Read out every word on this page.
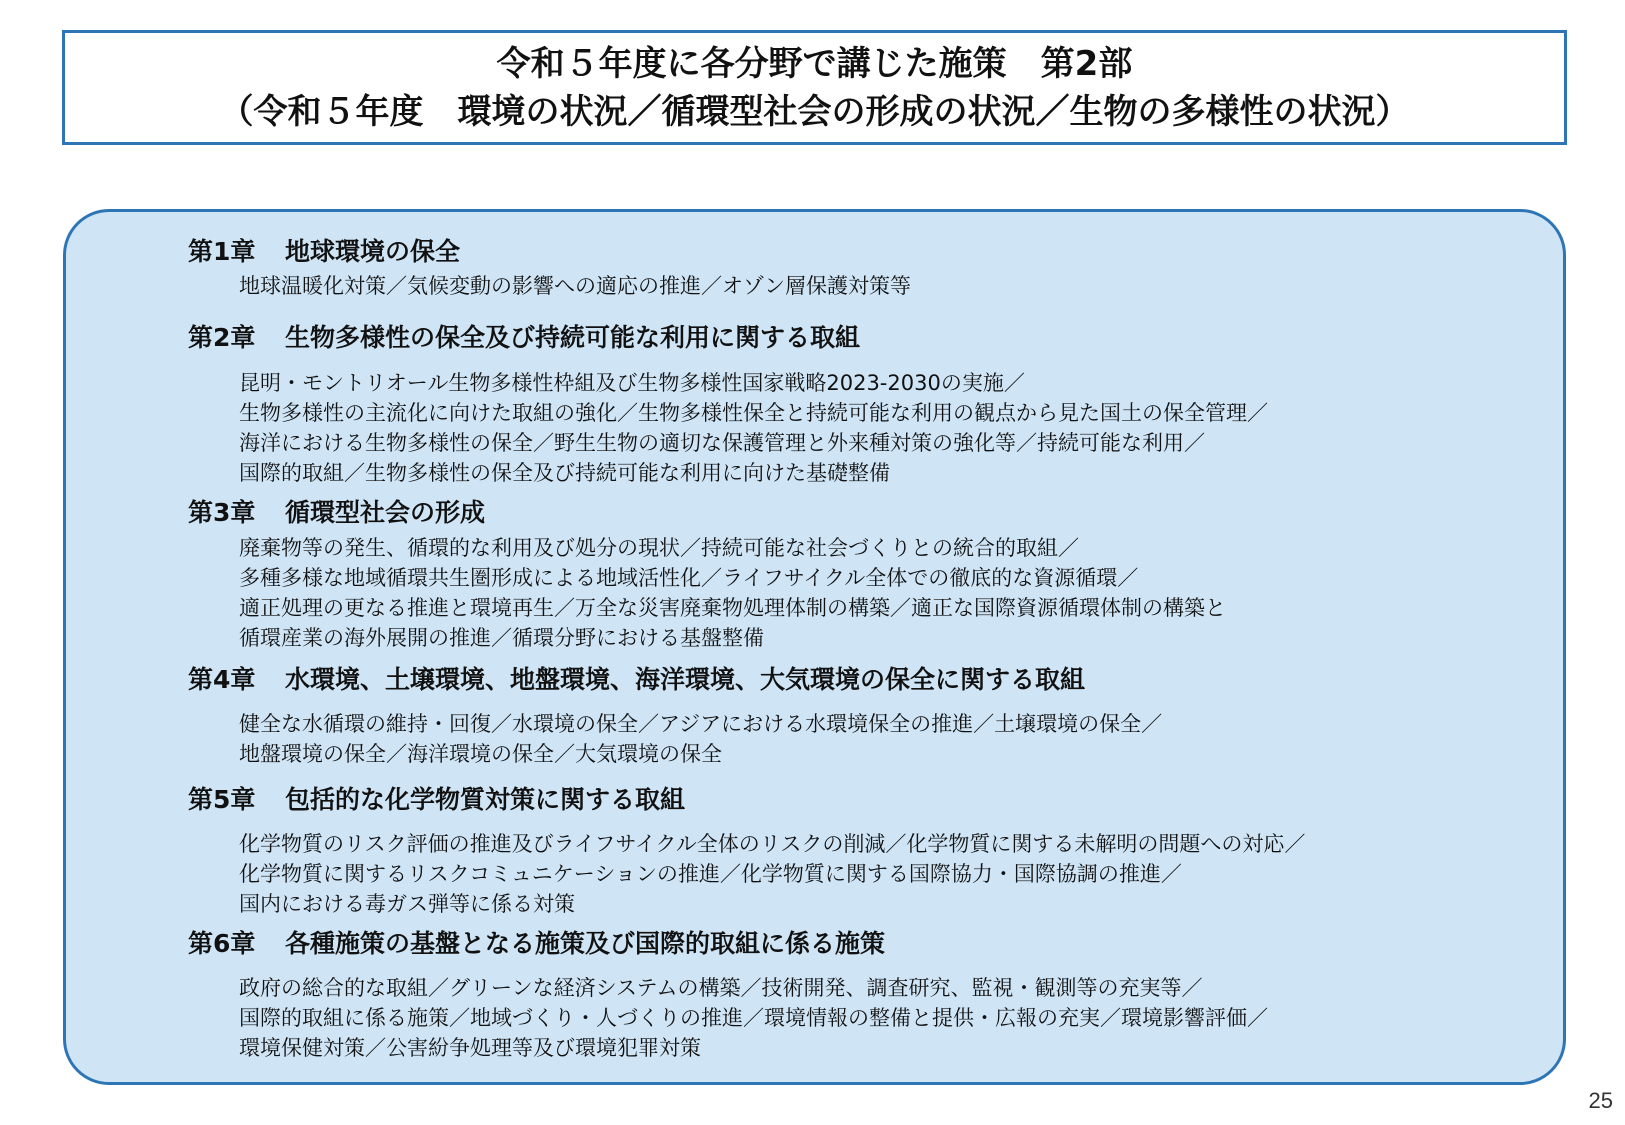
令和５年度に各分野で講じた施策　第2部
（令和５年度　環境の状況／循環型社会の形成の状況／生物の多様性の状況）
第1章 地球環境の保全
地球温暖化対策／気候変動の影響への適応の推進／オゾン層保護対策等
第2章 生物多様性の保全及び持続可能な利用に関する取組
昆明・モントリオール生物多様性枠組及び生物多様性国家戦略2023-2030の実施／
生物多様性の主流化に向けた取組の強化／生物多様性保全と持続可能な利用の観点から見た国土の保全管理／
海洋における生物多様性の保全／野生生物の適切な保護管理と外来種対策の強化等／持続可能な利用／
国際的取組／生物多様性の保全及び持続可能な利用に向けた基礎整備
第3章 循環型社会の形成
廃棄物等の発生、循環的な利用及び処分の現状／持続可能な社会づくりとの統合的取組／
多種多様な地域循環共生圏形成による地域活性化／ライフサイクル全体での徹底的な資源循環／
適正処理の更なる推進と環境再生／万全な災害廃棄物処理体制の構築／適正な国際資源循環体制の構築と
循環産業の海外展開の推進／循環分野における基盤整備
第4章 水環境、土壌環境、地盤環境、海洋環境、大気環境の保全に関する取組
健全な水循環の維持・回復／水環境の保全／アジアにおける水環境保全の推進／土壌環境の保全／
地盤環境の保全／海洋環境の保全／大気環境の保全
第5章 包括的な化学物質対策に関する取組
化学物質のリスク評価の推進及びライフサイクル全体のリスクの削減／化学物質に関する未解明の問題への対応／
化学物質に関するリスクコミュニケーションの推進／化学物質に関する国際協力・国際協調の推進／
国内における毒ガス弾等に係る対策
第6章 各種施策の基盤となる施策及び国際的取組に係る施策
政府の総合的な取組／グリーンな経済システムの構築／技術開発、調査研究、監視・観測等の充実等／
国際的取組に係る施策／地域づくり・人づくりの推進／環境情報の整備と提供・広報の充実／環境影響評価／
環境保健対策／公害紛争処理等及び環境犯罪対策
25
